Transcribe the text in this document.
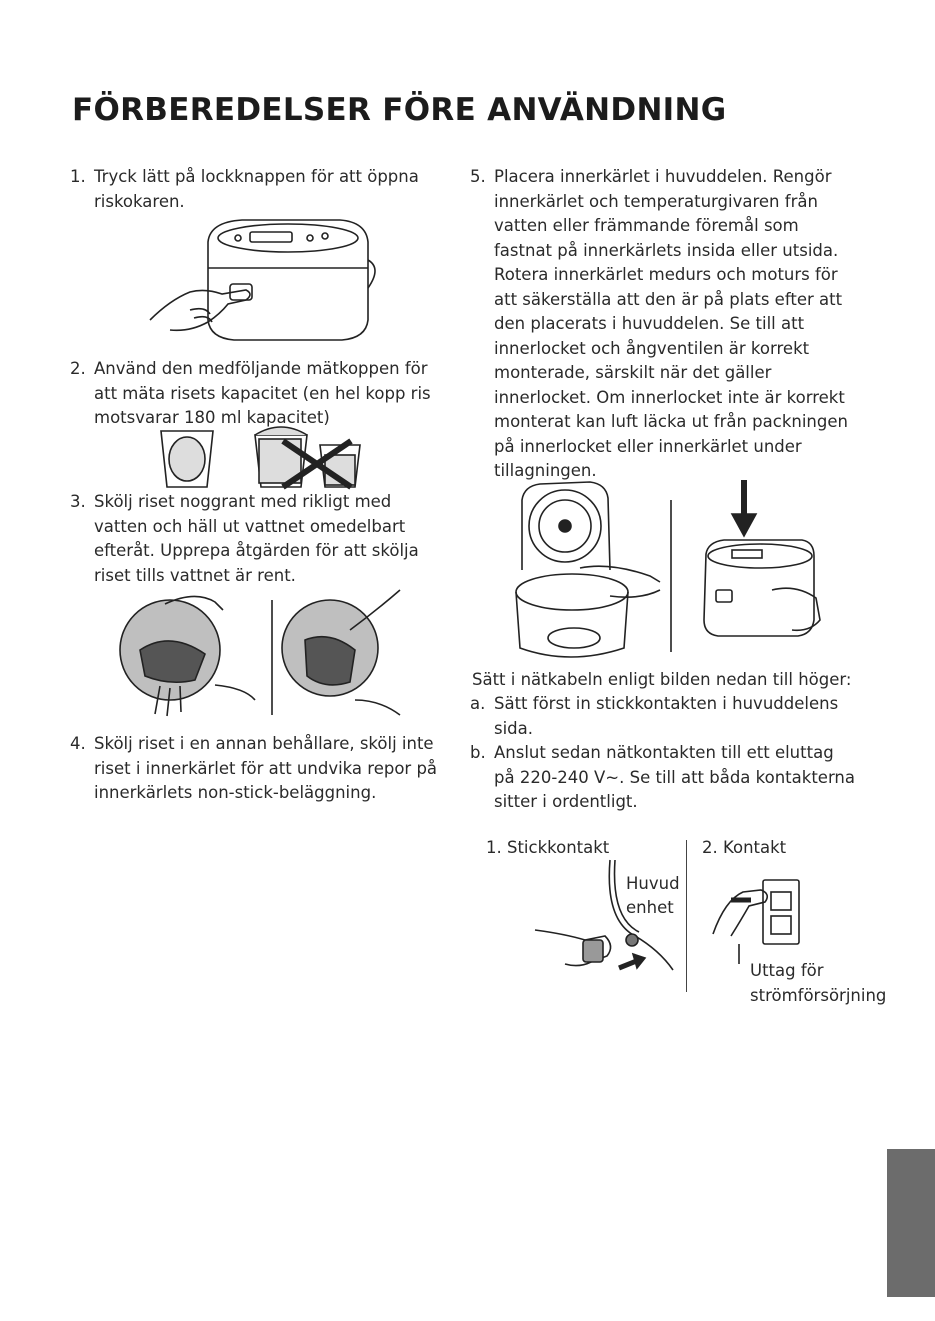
FÖRBEREDELSER FÖRE ANVÄNDNING
1. Tryck lätt på lockknappen för att öppna riskokaren.
2. Använd den medföljande mätkoppen för att mäta risets kapacitet (en hel kopp ris motsvarar 180 ml kapacitet)
3. Skölj riset noggrant med rikligt med vatten och häll ut vattnet omedelbart efteråt. Upprepa åtgärden för att skölja riset tills vattnet är rent.
4. Skölj riset i en annan behållare, skölj inte riset i innerkärlet för att undvika repor på innerkärlets non-stick-beläggning.
5. Placera innerkärlet i huvuddelen. Rengör innerkärlet och temperaturgivaren från vatten eller främmande föremål som fastnat på innerkärlets insida eller utsida. Rotera innerkärlet medurs och moturs för att säkerställa att den är på plats efter att den placerats i huvuddelen. Se till att innerlocket och ångventilen är korrekt monterade, särskilt när det gäller innerlocket. Om innerlocket inte är korrekt monterat kan luft läcka ut från packningen på innerlocket eller innerkärlet under tillagningen.
Sätt i nätkabeln enligt bilden nedan till höger:
a. Sätt först in stickkontakten i huvuddelens sida.
b. Anslut sedan nätkontakten till ett eluttag på 220-240 V~. Se till att båda kontakterna sitter i ordentligt.
1. Stickkontakt	2. Kontakt
Huvud
enhet
Uttag för
strömförsörjning
